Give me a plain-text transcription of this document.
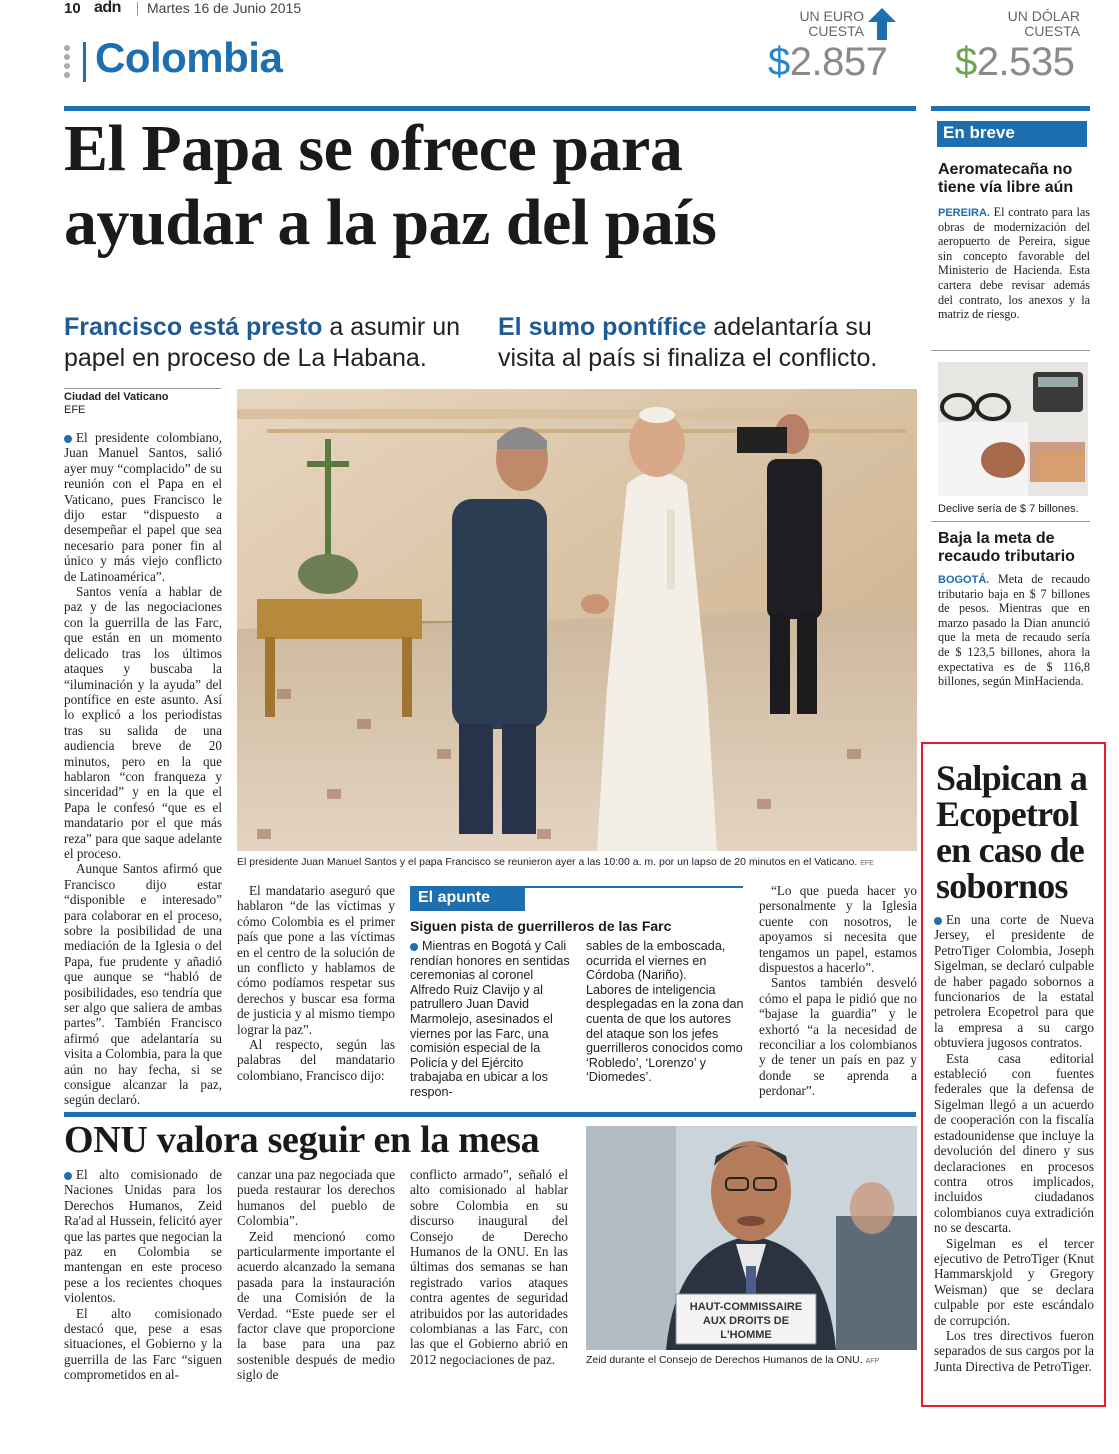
10 adn Martes 16 de Junio 2015
Colombia
UN EURO
CUESTA
$2.857
UN DÓLAR
CUESTA
$2.535
El Papa se ofrece para
ayudar a la paz del país
Francisco está presto a asumir un papel en proceso de La Habana.
El sumo pontífice adelantaría su visita al país si finaliza el conflicto.
Ciudad del Vaticano
EFE

El presidente colombiano, Juan Manuel Santos, salió ayer muy “complacido” de su reunión con el Papa en el Vaticano, pues Francisco le dijo estar “dispuesto a desempeñar el papel que sea necesario para poner fin al único y más viejo conflicto de Latinoamérica”.

Santos venía a hablar de paz y de las negociaciones con la guerrilla de las Farc, que están en un momento delicado tras los últimos ataques y buscaba la “iluminación y la ayuda” del pontífice en este asunto. Así lo explicó a los periodistas tras su salida de una audiencia breve de 20 minutos, pero en la que hablaron “con franqueza y sinceridad” y en la que el Papa le confesó “que es el mandatario por el que más reza” para que saque adelante el proceso.

Aunque Santos afirmó que Francisco dijo estar “disponible e interesado” para colaborar en el proceso, sobre la posibilidad de una mediación de la Iglesia o del Papa, fue prudente y añadió que aunque se “habló de posibilidades, eso tendría que ser algo que saliera de ambas partes”. También Francisco afirmó que adelantaría su visita a Colombia, para la que aún no hay fecha, si se consigue alcanzar la paz, según declaró.

El presidente Juan Manuel Santos y el papa Francisco se reunieron ayer a las 10:00 a. m. por un lapso de 20 minutos en el Vaticano. EFE

El mandatario aseguró que hablaron “de las víctimas y cómo Colombia es el primer país que pone a las víctimas en el centro de la solución de un conflicto y hablamos de cómo podíamos respetar sus derechos y buscar esa forma de justicia y al mismo tiempo lograr la paz”.

Al respecto, según las palabras del mandatario colombiano, Francisco dijo:

El apunte
Siguen pista de guerrilleros de las Farc
Mientras en Bogotá y Cali rendían honores en sentidas ceremonias al coronel Alfredo Ruiz Clavijo y al patrullero Juan David Marmolejo, asesinados el viernes por las Farc, una comisión especial de la Policía y del Ejército trabajaba en ubicar a los respon-
sables de la emboscada, ocurrida el viernes en Córdoba (Nariño).
Labores de inteligencia desplegadas en la zona dan cuenta de que los autores del ataque son los jefes guerrilleros conocidos como ‘Robledo’, ‘Lorenzo’ y ‘Diomedes’.

“Lo que pueda hacer yo personalmente y la Iglesia cuente con nosotros, le apoyamos si necesita que tengamos un papel, estamos dispuestos a hacerlo”.

Santos también desveló cómo el papa le pidió que no “bajase la guardia” y le exhortó “a la necesidad de reconciliar a los colombianos y de tener un país en paz y donde se aprenda a perdonar”.

ONU valora seguir en la mesa

El alto comisionado de Naciones Unidas para los Derechos Humanos, Zeid Ra'ad al Hussein, felicitó ayer que las partes que negocian la paz en Colombia se mantengan en este proceso pese a los recientes choques violentos.

El alto comisionado destacó que, pese a esas situaciones, el Gobierno y la guerrilla de las Farc “siguen comprometidos en al-

canzar una paz negociada que pueda restaurar los derechos humanos del pueblo de Colombia”.

Zeid mencionó como particularmente importante el acuerdo alcanzado la semana pasada para la instauración de una Comisión de la Verdad. “Este puede ser el factor clave que proporcione la base para una paz sostenible después de medio siglo de

conflicto armado”, señaló el alto comisionado al hablar sobre Colombia en su discurso inaugural del Consejo de Derecho Humanos de la ONU. En las últimas dos semanas se han registrado varios ataques contra agentes de seguridad atribuidos por las autoridades colombianas a las Farc, con las que el Gobierno abrió en 2012 negociaciones de paz.

HAUT-COMMISSAIRE
AUX DROITS DE L'HOMME
Zeid durante el Consejo de Derechos Humanos de la ONU. AFP
En breve
Aeromatecaña no tiene vía libre aún
PEREIRA. El contrato para las obras de modernización del aeropuerto de Pereira, sigue sin concepto favorable del Ministerio de Hacienda. Esta cartera debe revisar además del contrato, los anexos y la matriz de riesgo.
Declive sería de $ 7 billones.
Baja la meta de recaudo tributario
BOGOTÁ. Meta de recaudo tributario baja en $ 7 billones de pesos. Mientras que en marzo pasado la Dian anunció que la meta de recaudo sería de $ 123,5 billones, ahora la expectativa es de $ 116,8 billones, según MinHacienda.
Salpican a Ecopetrol en caso de sobornos

En una corte de Nueva Jersey, el presidente de PetroTiger Colombia, Joseph Sigelman, se declaró culpable de haber pagado sobornos a funcionarios de la estatal petrolera Ecopetrol para que la empresa a su cargo obtuviera jugosos contratos.

Esta casa editorial estableció con fuentes federales que la defensa de Sigelman llegó a un acuerdo de cooperación con la fiscalía estadounidense que incluye la devolución del dinero y sus declaraciones en procesos contra otros implicados, incluidos ciudadanos colombianos cuya extradición no se descarta.

Sigelman es el tercer ejecutivo de PetroTiger (Knut Hammarskjold y Gregory Weisman) que se declara culpable por este escándalo de corrupción.

Los tres directivos fueron separados de sus cargos por la Junta Directiva de PetroTiger.
